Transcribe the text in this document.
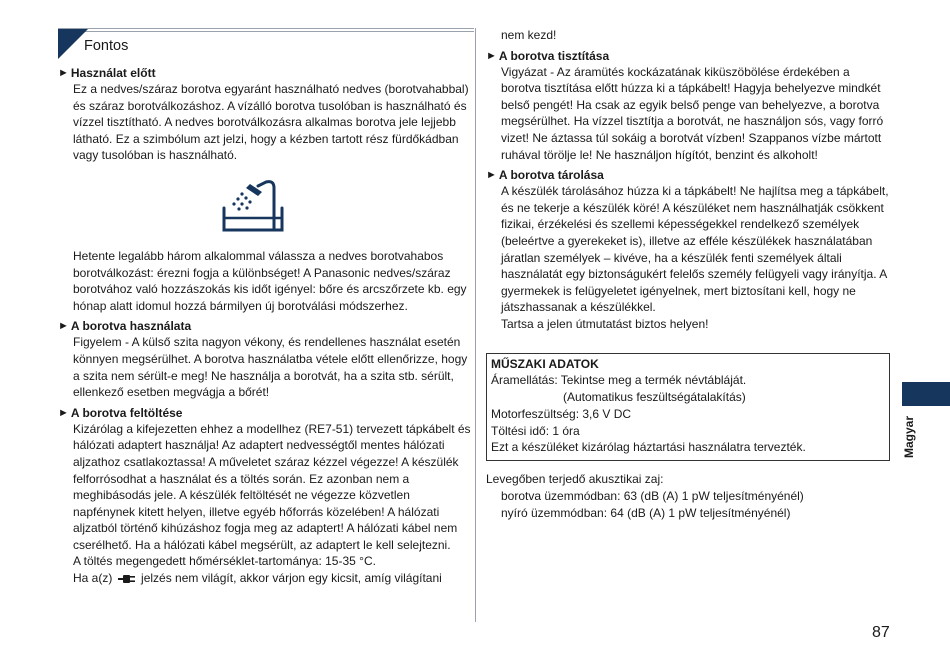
Fontos
► Használat előtt

Ez a nedves/száraz borotva egyaránt használható nedves (borotvahabbal) és száraz borotválkozáshoz. A vízálló borotva tusolóban is használható és vízzel tisztítható. A nedves borotválkozásra alkalmas borotva jele lejjebb látható. Ez a szimbólum azt jelzi, hogy a kézben tartott rész fürdőkádban vagy tusolóban is használható.

Hetente legalább három alkalommal válassza a nedves borotvahabos borotválkozást: érezni fogja a különbséget! A Panasonic nedves/száraz borotvához való hozzászokás kis időt igényel: bőre és arcszőrzete kb. egy hónap alatt idomul hozzá bármilyen új borotválási módszerhez.

► A borotva használata

Figyelem - A külső szita nagyon vékony, és rendellenes használat esetén könnyen megsérülhet. A borotva használatba vétele előtt ellenőrizze, hogy a szita nem sérült-e meg! Ne használja a borotvát, ha a szita stb. sérült, ellenkező esetben megvágja a bőrét!

► A borotva feltöltése

Kizárólag a kifejezetten ehhez a modellhez (RE7-51) tervezett tápkábelt és hálózati adaptert használja! Az adaptert nedvességtől mentes hálózati aljzathoz csatlakoztassa! A műveletet száraz kézzel végezze! A készülék felforrósodhat a használat és a töltés során. Ez azonban nem a meghibásodás jele. A készülék feltöltését ne végezze közvetlen napfénynek kitett helyen, illetve egyéb hőforrás közelében! A hálózati aljzatból történő kihúzáshoz fogja meg az adaptert! A hálózati kábel nem cserélhető. Ha a hálózati kábel megsérült, az adaptert le kell selejtezni.

A töltés megengedett hőmérséklet-tartománya: 15-35 °C.

Ha a(z) jelzés nem világít, akkor várjon egy kicsit, amíg világítani

nem kezd!

► A borotva tisztítása

Vigyázat - Az áramütés kockázatának kiküszöbölése érdekében a borotva tisztítása előtt húzza ki a tápkábelt! Hagyja behelyezve mindkét belső pengét! Ha csak az egyik belső penge van behelyezve, a borotva megsérülhet. Ha vízzel tisztítja a borotvát, ne használjon sós, vagy forró vizet! Ne áztassa túl sokáig a borotvát vízben! Szappanos vízbe mártott ruhával törölje le! Ne használjon hígítót, benzint és alkoholt!

► A borotva tárolása

A készülék tárolásához húzza ki a tápkábelt! Ne hajlítsa meg a tápkábelt, és ne tekerje a készülék köré! A készüléket nem használhatják csökkent fizikai, érzékelési és szellemi képességekkel rendelkező személyek (beleértve a gyerekeket is), illetve az efféle készülékek használatában járatlan személyek – kivéve, ha a készülék fenti személyek általi használatát egy biztonságukért felelős személy felügyeli vagy irányítja. A gyermekek is felügyeletet igényelnek, mert biztosítani kell, hogy ne játszhassanak a készülékkel.

Tartsa a jelen útmutatást biztos helyen!

MŰSZAKI ADATOK
Áramellátás: Tekintse meg a termék névtábláját.
(Automatikus feszültségátalakítás)
Motorfeszültség: 3,6 V DC
Töltési idő: 1 óra
Ezt a készüléket kizárólag háztartási használatra tervezték.
Levegőben terjedő akusztikai zaj:
borotva üzemmódban: 63 (dB (A) 1 pW teljesítményénél)
nyíró üzemmódban: 64 (dB (A) 1 pW teljesítményénél)
Magyar
87
